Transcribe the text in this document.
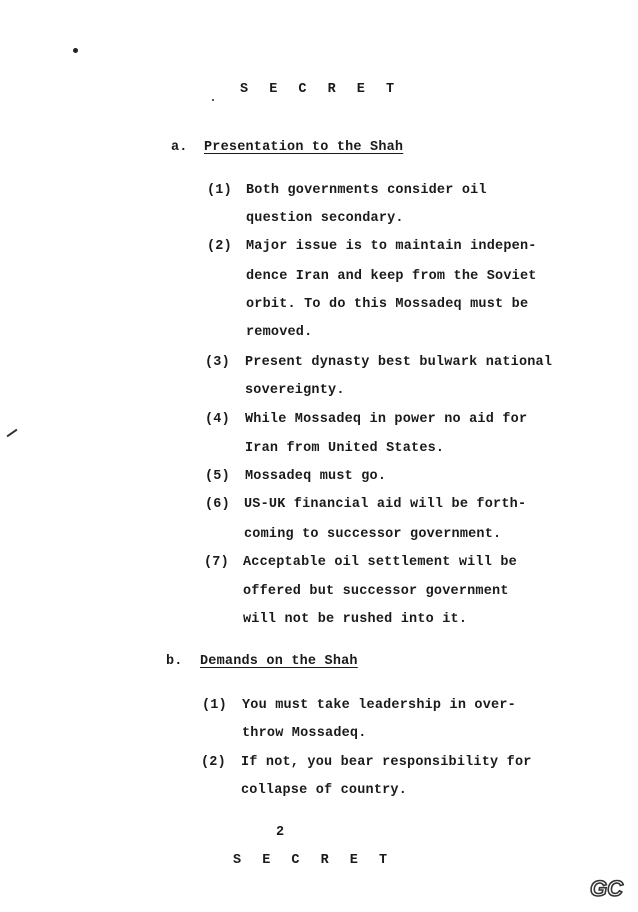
S E C R E T
a. Presentation to the Shah
(1) Both governments consider oil
question secondary.
(2) Major issue is to maintain indepen-
dence Iran and keep from the Soviet
orbit. To do this Mossadeq must be
removed.
(3) Present dynasty best bulwark national
sovereignty.
(4) While Mossadeq in power no aid for
Iran from United States.
(5) Mossadeq must go.
(6) US-UK financial aid will be forth-
coming to successor government.
(7) Acceptable oil settlement will be
offered but successor government
will not be rushed into it.
b. Demands on the Shah
(1) You must take leadership in over-
throw Mossadeq.
(2) If not, you bear responsibility for
collapse of country.
2
S E C R E T
GC
